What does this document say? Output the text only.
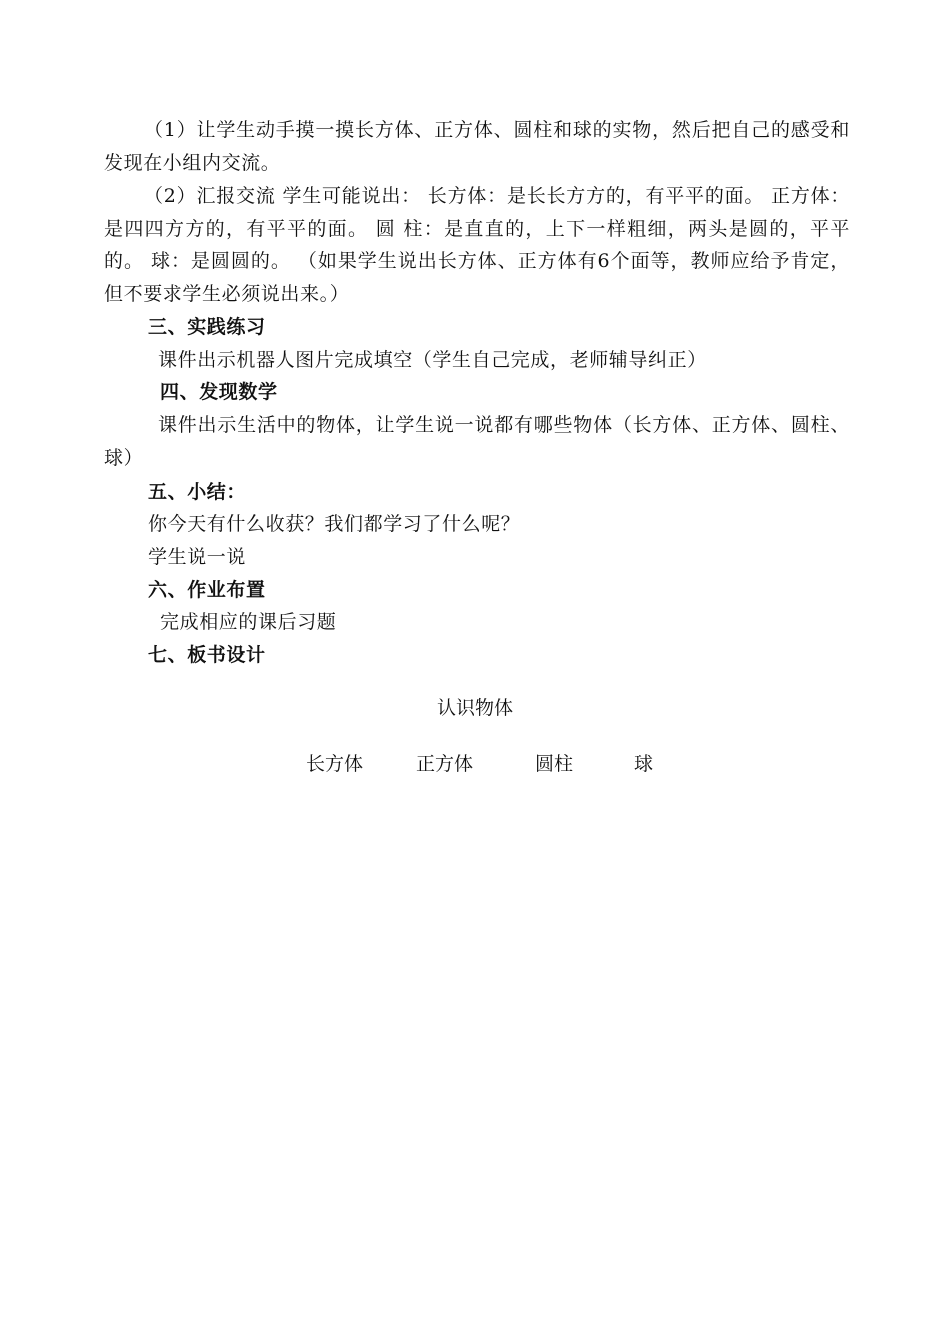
（1）让学生动手摸一摸长方体、正方体、圆柱和球的实物，然后把自己的感受和发现在小组内交流。
（2）汇报交流 学生可能说出： 长方体：是长长方方的，有平平的面。 正方体：是四四方方的，有平平的面。 圆 柱：是直直的，上下一样粗细，两头是圆的，平平的。 球：是圆圆的。 （如果学生说出长方体、正方体有6个面等，教师应给予肯定，但不要求学生必须说出来。）
三、实践练习
课件出示机器人图片完成填空（学生自己完成，老师辅导纠正）
四、发现数学
课件出示生活中的物体，让学生说一说都有哪些物体（长方体、正方体、圆柱、球）
五、小结：
你今天有什么收获？我们都学习了什么呢？
学生说一说
六、作业布置
完成相应的课后习题
七、板书设计
认识物体
长方体	正方体	圆柱	球
